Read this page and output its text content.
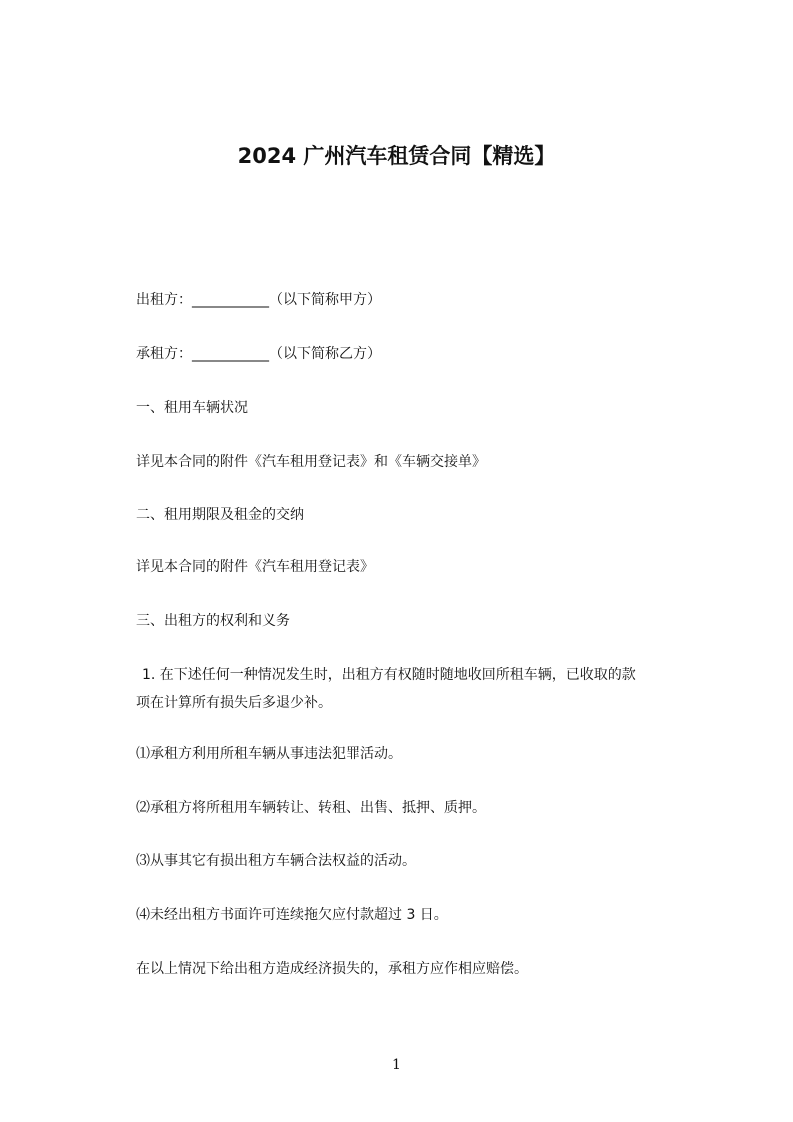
2024 广州汽车租赁合同【精选】
出租方：___________（以下简称甲方）
承租方：___________（以下简称乙方）
一、租用车辆状况
详见本合同的附件《汽车租用登记表》和《车辆交接单》
二、租用期限及租金的交纳
详见本合同的附件《汽车租用登记表》
三、出租方的权利和义务
1. 在下述任何一种情况发生时，出租方有权随时随地收回所租车辆，已收取的款
项在计算所有损失后多退少补。
⑴承租方利用所租车辆从事违法犯罪活动。
⑵承租方将所租用车辆转让、转租、出售、抵押、质押。
⑶从事其它有损出租方车辆合法权益的活动。
⑷未经出租方书面许可连续拖欠应付款超过 3 日。
在以上情况下给出租方造成经济损失的，承租方应作相应赔偿。
1
